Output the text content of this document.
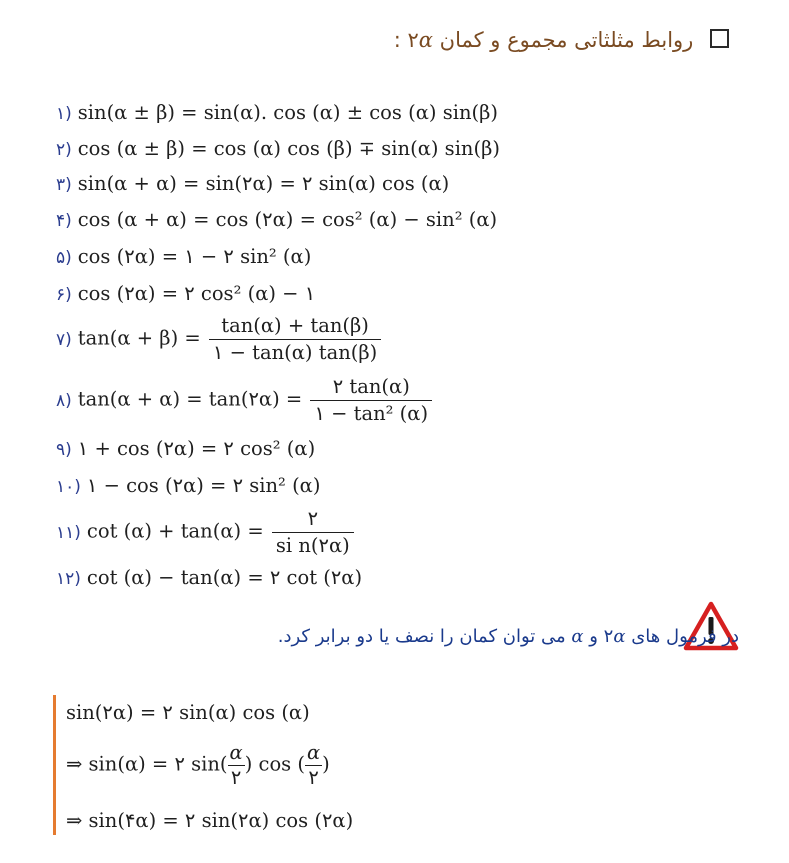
روابط مثلثاتی مجموع و کمان ۲α :
۱) sin(α ± β) = sin(α). cos (α) ± cos (α) sin(β)
۲) cos (α ± β) = cos (α) cos (β) ∓ sin(α) sin(β)
۳) sin(α + α) = sin(۲α) = ۲ sin(α) cos (α)
۴) cos (α + α) = cos (۲α) = cos² (α) − sin² (α)
۵) cos (۲α) = ۱ − ۲ sin² (α)
۶) cos (۲α) = ۲ cos² (α) − ۱
۷) $\tan(\alpha + \beta) = \frac{\tan(\alpha) + \tan(\beta)}{۱ - \tan(\alpha) \tan(\beta)}$
۸) tan(α + α) = tan(۲α) = $\frac{۲ \tan(\alpha)}{\text{۱ − tan² (α)}}$
۹) ۱ + cos (۲α) = ۲ cos² (α)
۱۰) ۱ − cos (۲α) = ۲ sin² (α)
۱۱) $\cot (\alpha) + \tan(\alpha) = \frac{۲}{\text{si n(۲α)}}$
۱۲) cot (α) − tan(α) = ۲ cot (۲α)
در فرمول های ۲α و α می توان کمان را نصف یا دو برابر کرد.
sin(۲α) = ۲ sin(α) cos (α)
⇒ sin(α) = ۲ sin( α
۲
) cos ( α
۲
)
⇒ sin(۴α) = ۲ sin(۲α) cos (۲α)
